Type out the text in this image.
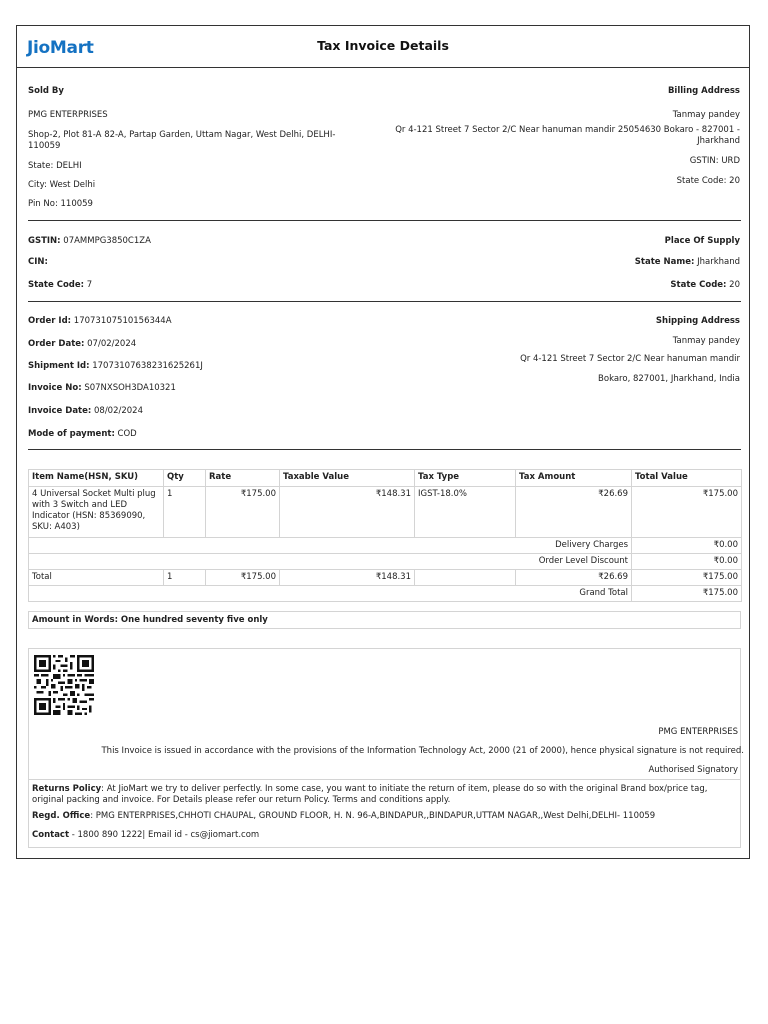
JioMart	Tax Invoice Details
Sold By
PMG ENTERPRISES
Shop-2, Plot 81-A 82-A, Partap Garden, Uttam Nagar, West Delhi, DELHI-
110059
State: DELHI
City: West Delhi
Pin No: 110059
Billing Address
Tanmay pandey
Qr 4-121 Street 7 Sector 2/C Near hanuman mandir 25054630 Bokaro - 827001 -
Jharkhand
GSTIN: URD
State Code: 20
GSTIN: 07AMMPG3850C1ZA
CIN:
State Code: 7
Place Of Supply
State Name: Jharkhand
State Code: 20
Order Id: 17073107510156344A
Order Date: 07/02/2024
Shipment Id: 17073107638231625261J
Invoice No: S07NXSOH3DA10321
Invoice Date: 08/02/2024
Mode of payment: COD
Shipping Address
Tanmay pandey
Qr 4-121 Street 7 Sector 2/C Near hanuman mandir
Bokaro, 827001, Jharkhand, India
Item Name(HSN, SKU)	Qty	Rate	Taxable Value	Tax Type	Tax Amount	Total Value

4 Universal Socket Multi plug
with 3 Switch and LED
Indicator (HSN: 85369090,
SKU: A403)	1	₹175.00	₹148.31	IGST-18.0%	₹26.69	₹175.00
Delivery Charges						₹0.00
Order Level Discount						₹0.00
Total	1	₹175.00	₹148.31		₹26.69	₹175.00
Grand Total						₹175.00
Amount in Words: One hundred seventy five only
PMG ENTERPRISES
This Invoice is issued in accordance with the provisions of the Information Technology Act, 2000 (21 of 2000), hence physical signature is not required.
Authorised Signatory
Returns Policy: At JioMart we try to deliver perfectly. In some case, you want to initiate the return of item, please do so with the original Brand box/price tag, original packing and invoice. For Details please refer our return Policy. Terms and conditions apply.
Regd. Office: PMG ENTERPRISES,CHHOTI CHAUPAL, GROUND FLOOR, H. N. 96-A,BINDAPUR,,BINDAPUR,UTTAM NAGAR,,West Delhi,DELHI- 110059
Contact - 1800 890 1222| Email id - cs@jiomart.com
